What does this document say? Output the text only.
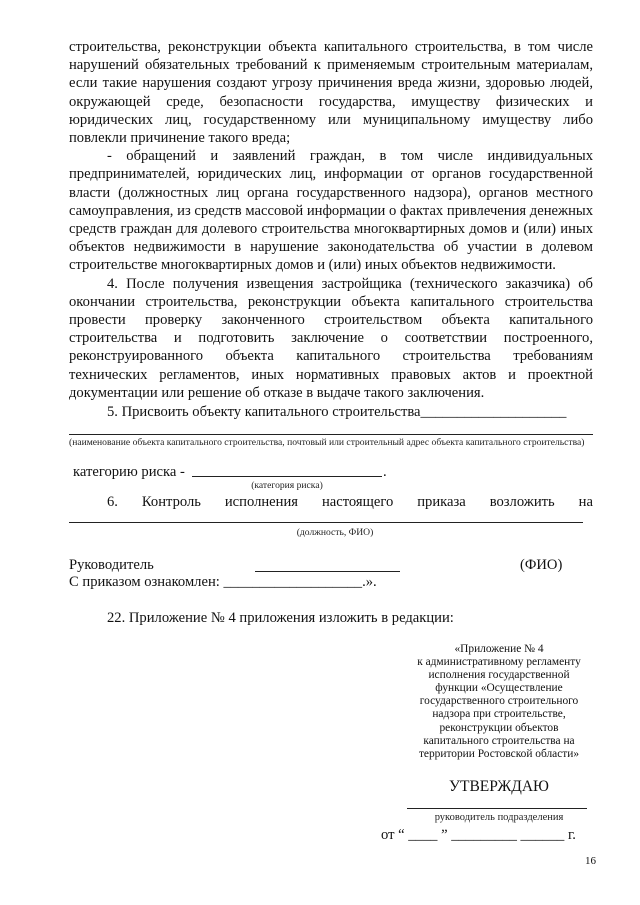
строительства, реконструкции объекта капитального строительства, в том числе нарушений обязательных требований к применяемым строительным материалам, если такие нарушения создают угрозу причинения вреда жизни, здоровью людей, окружающей среде, безопасности государства, имуществу физических и юридических лиц, государственному или муниципальному имуществу либо повлекли причинение такого вреда;

- обращений и заявлений граждан, в том числе индивидуальных предпринимателей, юридических лиц, информации от органов государственной власти (должностных лиц органа государственного надзора), органов местного самоуправления, из средств массовой информации о фактах привлечения денежных средств граждан для долевого строительства многоквартирных домов и (или) иных объектов недвижимости в нарушение законодательства об участии в долевом строительстве многоквартирных домов и (или) иных объектов недвижимости.

4. После получения извещения застройщика (технического заказчика) об окончании строительства, реконструкции объекта капитального строительства провести проверку законченного строительством объекта капитального строительства и подготовить заключение о соответствии построенного, реконструированного объекта капитального строительства требованиям технических регламентов, иных нормативных правовых актов и проектной документации или решение об отказе в выдаче такого заключения.

5. Присвоить объекту капитального строительства____________________
(наименование объекта капитального строительства, почтовый или строительный адрес объекта капитального строительства)
категорию риска -	.
(категория риска)
6. Контроль исполнения настоящего приказа возложить на
(должность, ФИО)
Руководитель	(ФИО)
С приказом ознакомлен: ___________________.».
22. Приложение № 4 приложения изложить в редакции:
«Приложение № 4
к административному регламенту
исполнения государственной
функции «Осуществление
государственного строительного
надзора при строительстве,
реконструкции объектов
капитального строительства на
территории Ростовской области»
УТВЕРЖДАЮ
руководитель подразделения
от “ ____ ” _________ ______ г.
16
